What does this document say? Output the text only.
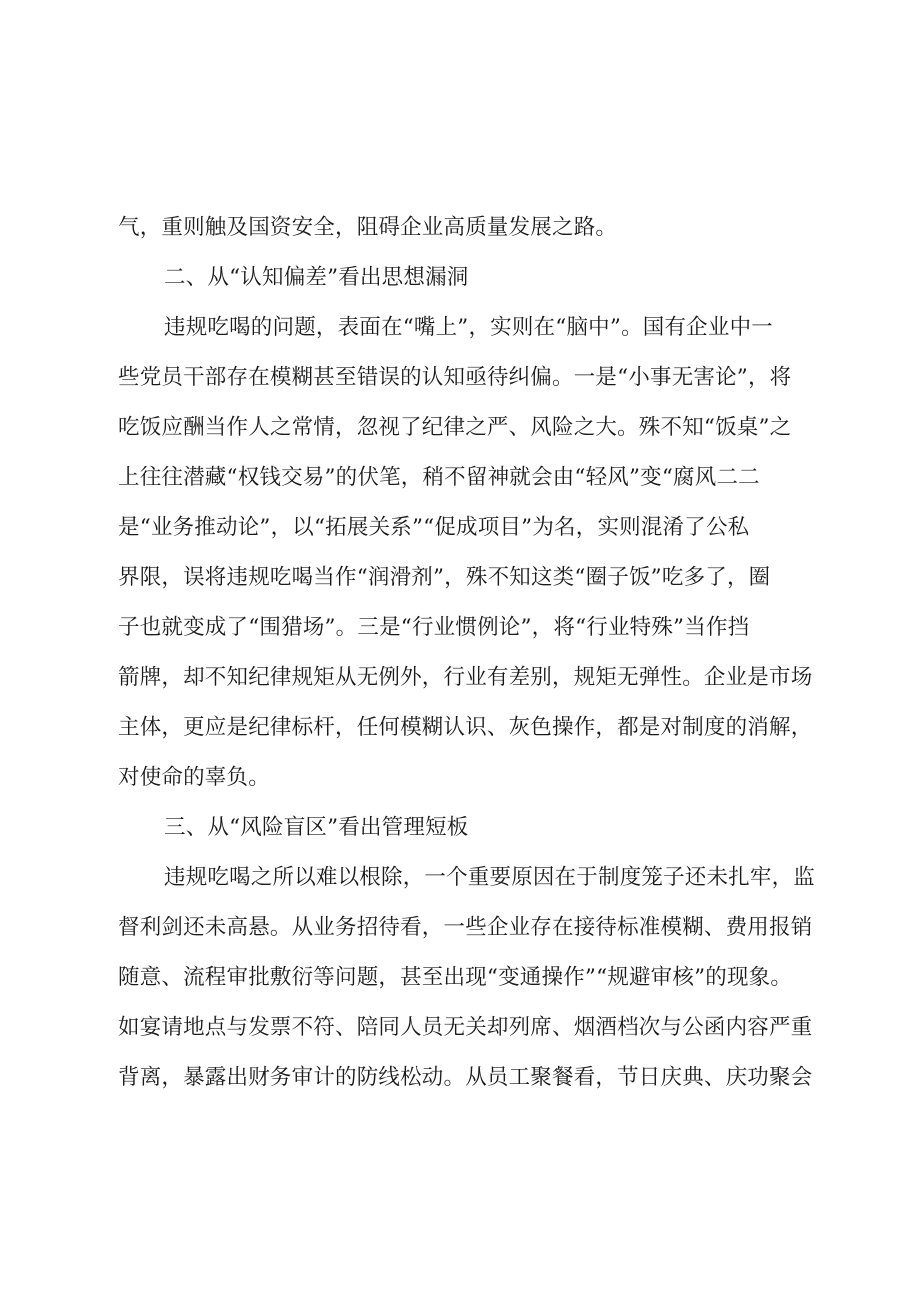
气，重则触及国资安全，阻碍企业高质量发展之路。
二、从“认知偏差”看出思想漏洞
违规吃喝的问题，表面在“嘴上”，实则在“脑中”。国有企业中一
些党员干部存在模糊甚至错误的认知亟待纠偏。一是“小事无害论”，将
吃饭应酬当作人之常情，忽视了纪律之严、风险之大。殊不知“饭桌”之
上往往潜藏“权钱交易”的伏笔，稍不留神就会由“轻风”变“腐风二二
是“业务推动论”，以“拓展关系”“促成项目”为名，实则混淆了公私
界限，误将违规吃喝当作“润滑剂”，殊不知这类“圈子饭”吃多了，圈
子也就变成了“围猎场”。三是“行业惯例论”，将“行业特殊”当作挡
箭牌，却不知纪律规矩从无例外，行业有差别，规矩无弹性。企业是市场
主体，更应是纪律标杆，任何模糊认识、灰色操作，都是对制度的消解，
对使命的辜负。
三、从“风险盲区”看出管理短板
违规吃喝之所以难以根除，一个重要原因在于制度笼子还未扎牢，监
督利剑还未高悬。从业务招待看，一些企业存在接待标准模糊、费用报销
随意、流程审批敷衍等问题，甚至出现“变通操作”“规避审核”的现象。
如宴请地点与发票不符、陪同人员无关却列席、烟酒档次与公函内容严重
背离，暴露出财务审计的防线松动。从员工聚餐看，节日庆典、庆功聚会
